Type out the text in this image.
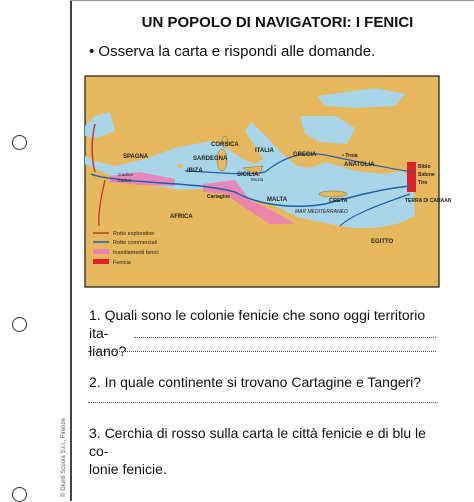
© Giunti Scuola S.r.l., Firenze
UN POPOLO DI NAVIGATORI: I FENICI
• Osserva la carta e rispondi alle domande.
SPAGNA
CORSICA
ITALIA
GRECIA	• Troia
ANATOLIA
SARDEGNA
IBIZA
SICILIA
Cadice
Gades
Cartagine
Mozia
MALTA	CRETA
Biblo
Sidone
Tiro
TERRA DI CANAAN
AFRICA
MAR MEDITERRANEO
EGITTO
Rotte esplorative
Rotte commerciali
Insediamenti fenici
Fenicia
1. Quali sono le colonie fenicie che sono oggi territorio ita-
liano?
2. In quale continente si trovano Cartagine e Tangeri?
3. Cerchia di rosso sulla carta le città fenicie e di blu le co-
lonie fenicie.
